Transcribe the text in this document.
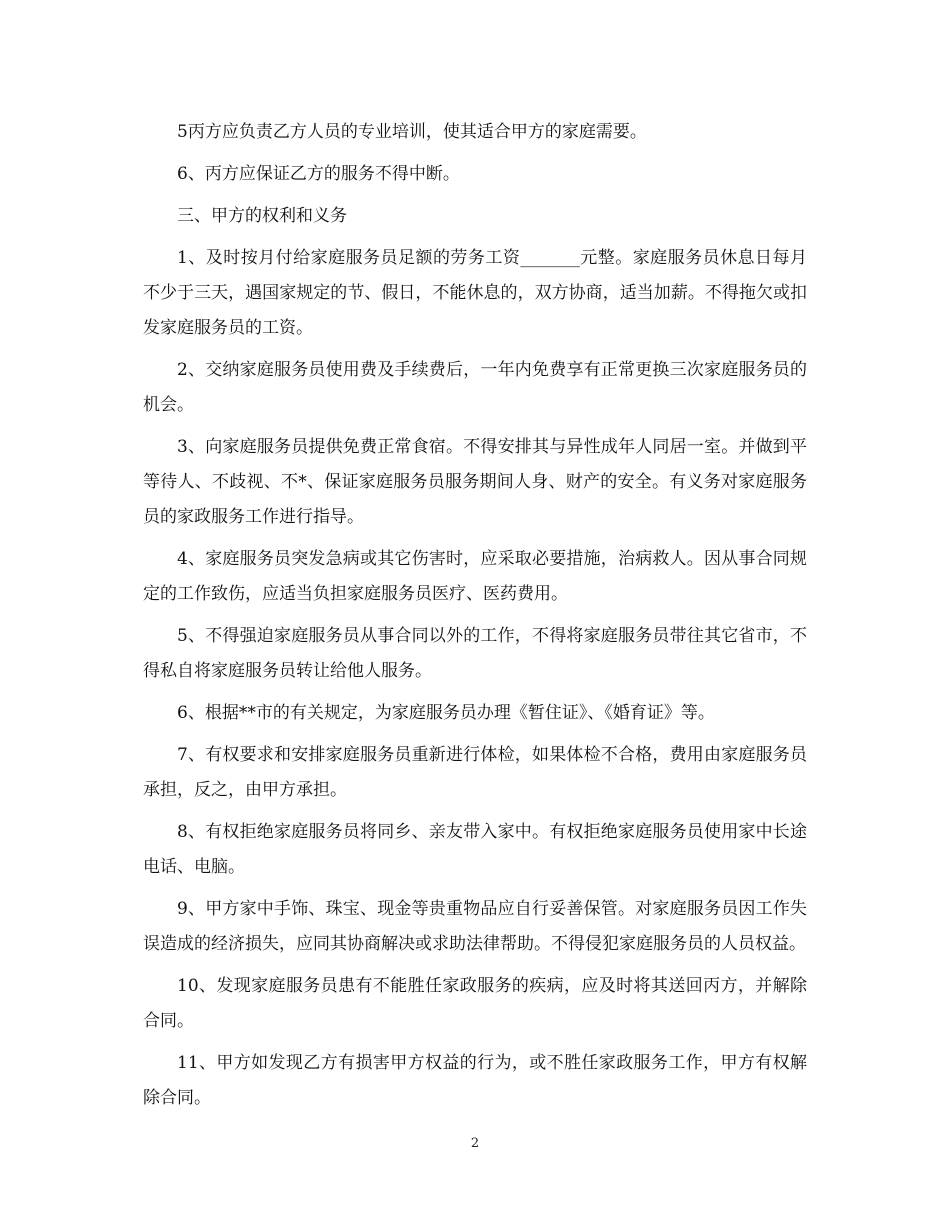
5丙方应负责乙方人员的专业培训，使其适合甲方的家庭需要。

6、丙方应保证乙方的服务不得中断。

三、甲方的权利和义务

1、及时按月付给家庭服务员足额的劳务工资_______元整。家庭服务员休息日每月不少于三天，遇国家规定的节、假日，不能休息的，双方协商，适当加薪。不得拖欠或扣发家庭服务员的工资。

2、交纳家庭服务员使用费及手续费后，一年内免费享有正常更换三次家庭服务员的机会。

3、向家庭服务员提供免费正常食宿。不得安排其与异性成年人同居一室。并做到平等待人、不歧视、不*、保证家庭服务员服务期间人身、财产的安全。有义务对家庭服务员的家政服务工作进行指导。

4、家庭服务员突发急病或其它伤害时，应采取必要措施，治病救人。因从事合同规定的工作致伤，应适当负担家庭服务员医疗、医药费用。

5、不得强迫家庭服务员从事合同以外的工作，不得将家庭服务员带往其它省市，不得私自将家庭服务员转让给他人服务。

6、根据**市的有关规定，为家庭服务员办理《暂住证》、《婚育证》等。

7、有权要求和安排家庭服务员重新进行体检，如果体检不合格，费用由家庭服务员承担，反之，由甲方承担。

8、有权拒绝家庭服务员将同乡、亲友带入家中。有权拒绝家庭服务员使用家中长途电话、电脑。

9、甲方家中手饰、珠宝、现金等贵重物品应自行妥善保管。对家庭服务员因工作失误造成的经济损失，应同其协商解决或求助法律帮助。不得侵犯家庭服务员的人员权益。

10、发现家庭服务员患有不能胜任家政服务的疾病，应及时将其送回丙方，并解除合同。

11、甲方如发现乙方有损害甲方权益的行为，或不胜任家政服务工作，甲方有权解除合同。

2
